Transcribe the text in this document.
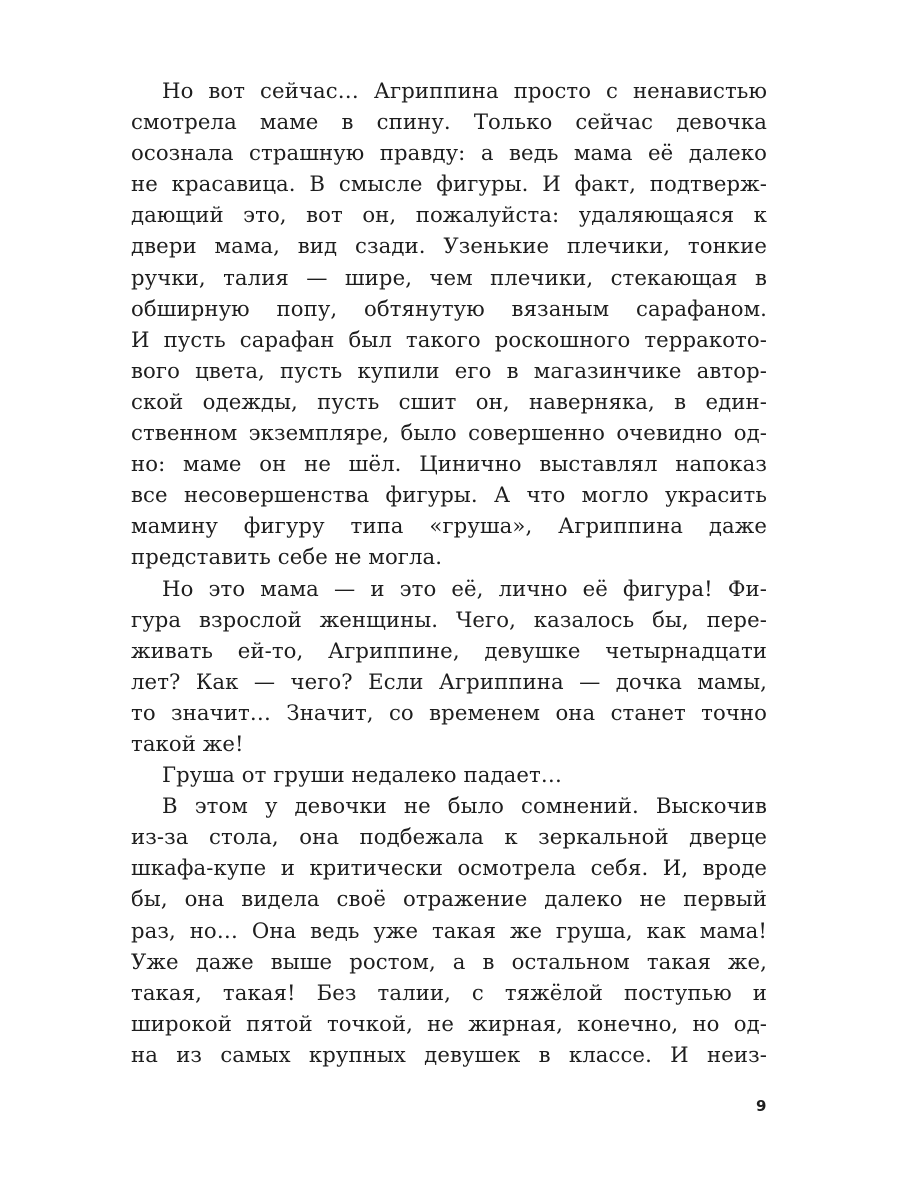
Но вот сейчас… Агриппина просто с ненавистью
смотрела маме в спину. Только сейчас девочка
осознала страшную правду: а ведь мама её далеко
не красавица. В смысле фигуры. И факт, подтверж-
дающий это, вот он, пожалуйста: удаляющаяся к
двери мама, вид сзади. Узенькие плечики, тонкие
ручки, талия — шире, чем плечики, стекающая в
обширную попу, обтянутую вязаным сарафаном.
И пусть сарафан был такого роскошного терракото-
вого цвета, пусть купили его в магазинчике автор-
ской одежды, пусть сшит он, наверняка, в един-
ственном экземпляре, было совершенно очевидно од-
но: маме он не шёл. Цинично выставлял напоказ
все несовершенства фигуры. А что могло украсить
мамину фигуру типа «груша», Агриппина даже
представить себе не могла.
Но это мама — и это её, лично её фигура! Фи-
гура взрослой женщины. Чего, казалось бы, пере-
живать ей-то, Агриппине, девушке четырнадцати
лет? Как — чего? Если Агриппина — дочка мамы,
то значит… Значит, со временем она станет точно
такой же!
Груша от груши недалеко падает…
В этом у девочки не было сомнений. Выскочив
из-за стола, она подбежала к зеркальной дверце
шкафа-купе и критически осмотрела себя. И, вроде
бы, она видела своё отражение далеко не первый
раз, но… Она ведь уже такая же груша, как мама!
Уже даже выше ростом, а в остальном такая же,
такая, такая! Без талии, с тяжёлой поступью и
широкой пятой точкой, не жирная, конечно, но од-
на из самых крупных девушек в классе. И неиз-
9
